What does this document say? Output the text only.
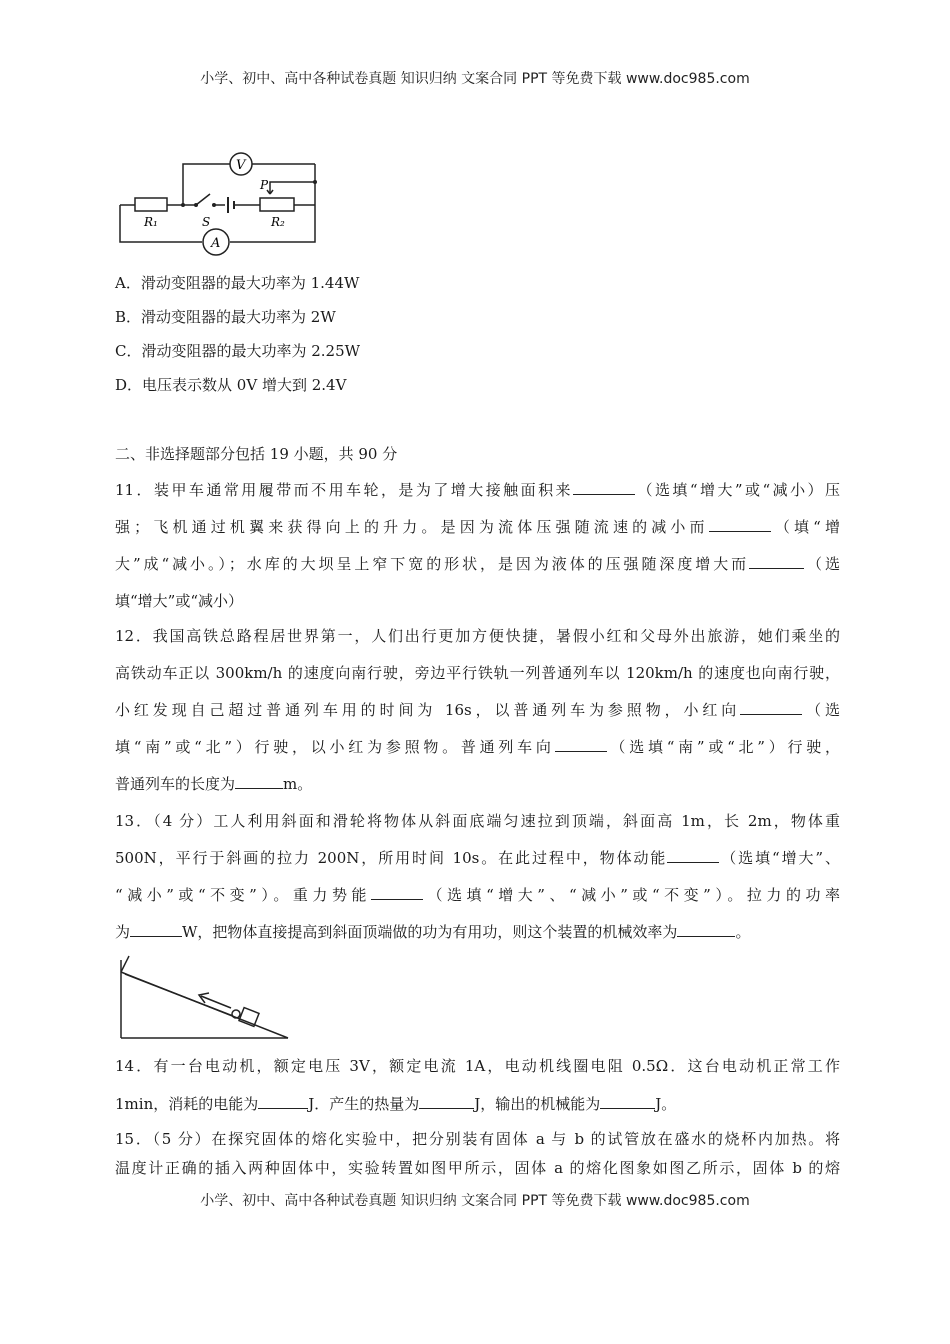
小学、初中、高中各种试卷真题 知识归纳 文案合同 PPT 等免费下载 www.doc985.com
V
A
R₁	R₂
S
P
A．滑动变阻器的最大功率为 1.44W
B．滑动变阻器的最大功率为 2W
C．滑动变阻器的最大功率为 2.25W
D．电压表示数从 0V 增大到 2.4V
二、非选择题部分包括 19 小题，共 90 分
11．装甲车通常用履带而不用车轮，是为了增大接触面积来	（选填“增大”或“减小）压
强；飞机通过机翼来获得向上的升力。是因为流体压强随流速的减小而	（填“增
大”成“减小。）；水库的大坝呈上窄下宽的形状，是因为液体的压强随深度增大而	（选
填“增大”或“减小）
12．我国高铁总路程居世界第一，人们出行更加方便快捷，暑假小红和父母外出旅游，她们乘坐的
高铁动车正以 300km/h 的速度向南行驶，旁边平行铁轨一列普通列车以 120km/h 的速度也向南行驶，
小红发现自己超过普通列车用的时间为 16s，以普通列车为参照物，小红向	（选
填“南”或“北”）行驶，以小红为参照物。普通列车向	（选填“南”或“北”）行驶，
普通列车的长度为	m。
13．（4 分）工人利用斜面和滑轮将物体从斜面底端匀速拉到顶端，斜面高 1m，长 2m，物体重
500N，平行于斜画的拉力 200N，所用时间 10s。在此过程中，物体动能	（选填“增大”、
“减小”或“不变”）。重力势能	（选填“增大”、“减小”或“不变”）。拉力的功率
为	W，把物体直接提高到斜面顶端做的功为有用功，则这个装置的机械效率为	。
14．有一台电动机，额定电压 3V，额定电流 1A，电动机线圈电阻 0.5Ω．这台电动机正常工作
1min，消耗的电能为	J．产生的热量为	J，输出的机械能为	J。
15．（5 分）在探究固体的熔化实验中，把分别装有固体 a 与 b 的试管放在盛水的烧杯内加热。将
温度计正确的插入两种固体中，实验转置如图甲所示，固体 a 的熔化图象如图乙所示，固体 b 的熔
小学、初中、高中各种试卷真题 知识归纳 文案合同 PPT 等免费下载 www.doc985.com
